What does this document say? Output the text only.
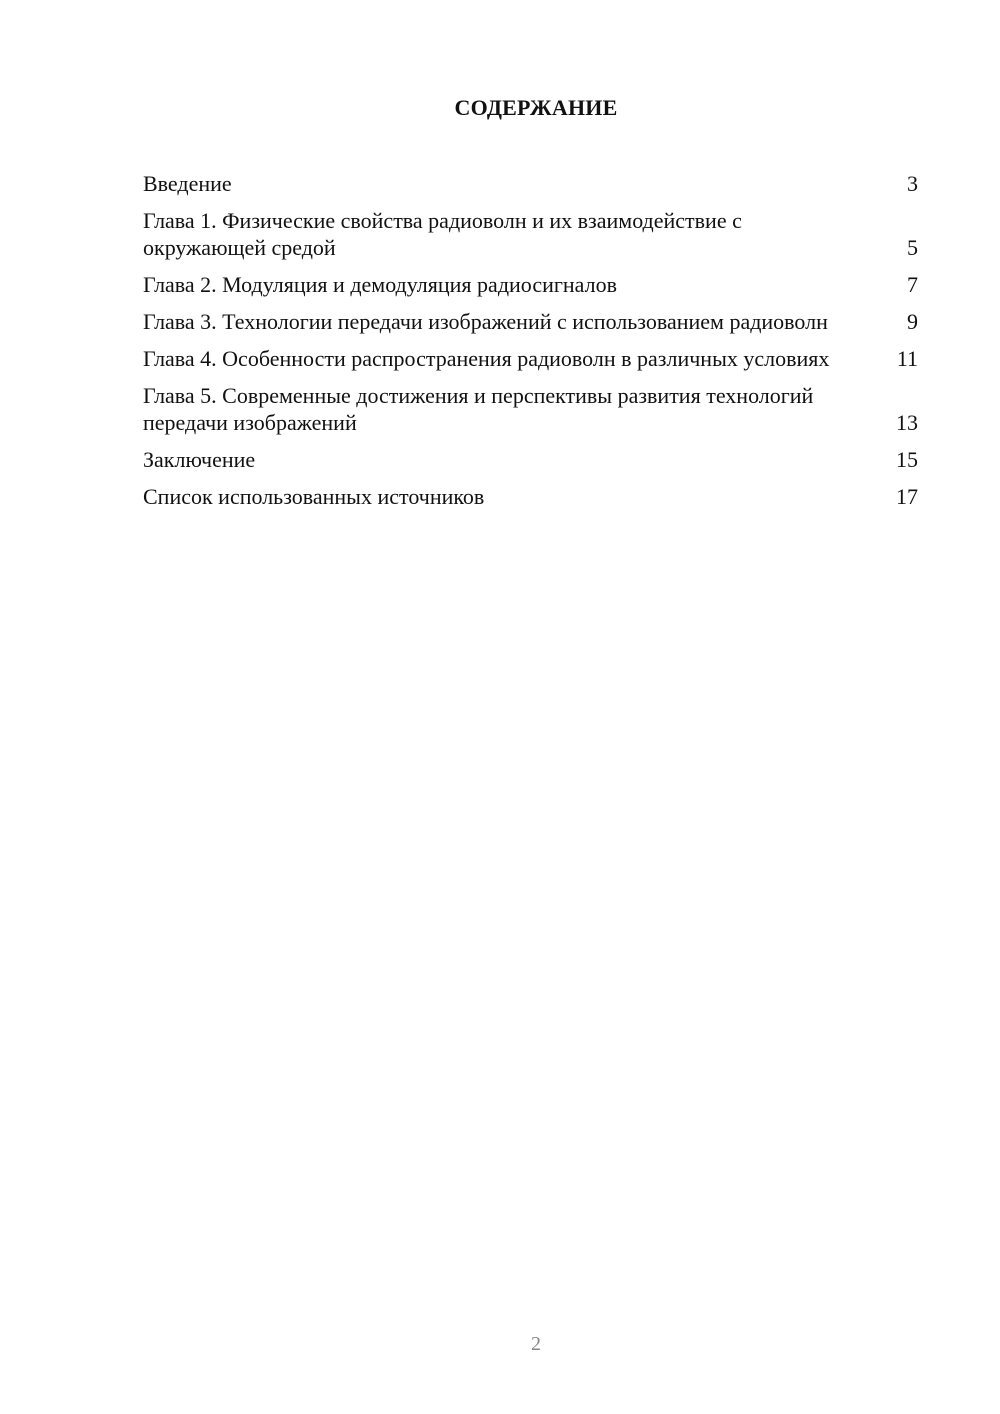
СОДЕРЖАНИЕ
Введение	3
Глава 1. Физические свойства радиоволн и их взаимодействие с окружающей средой	5
Глава 2. Модуляция и демодуляция радиосигналов	7
Глава 3. Технологии передачи изображений с использованием радиоволн	9
Глава 4. Особенности распространения радиоволн в различных условиях	11
Глава 5. Современные достижения и перспективы развития технологий передачи изображений	13
Заключение	15
Список использованных источников	17
2
